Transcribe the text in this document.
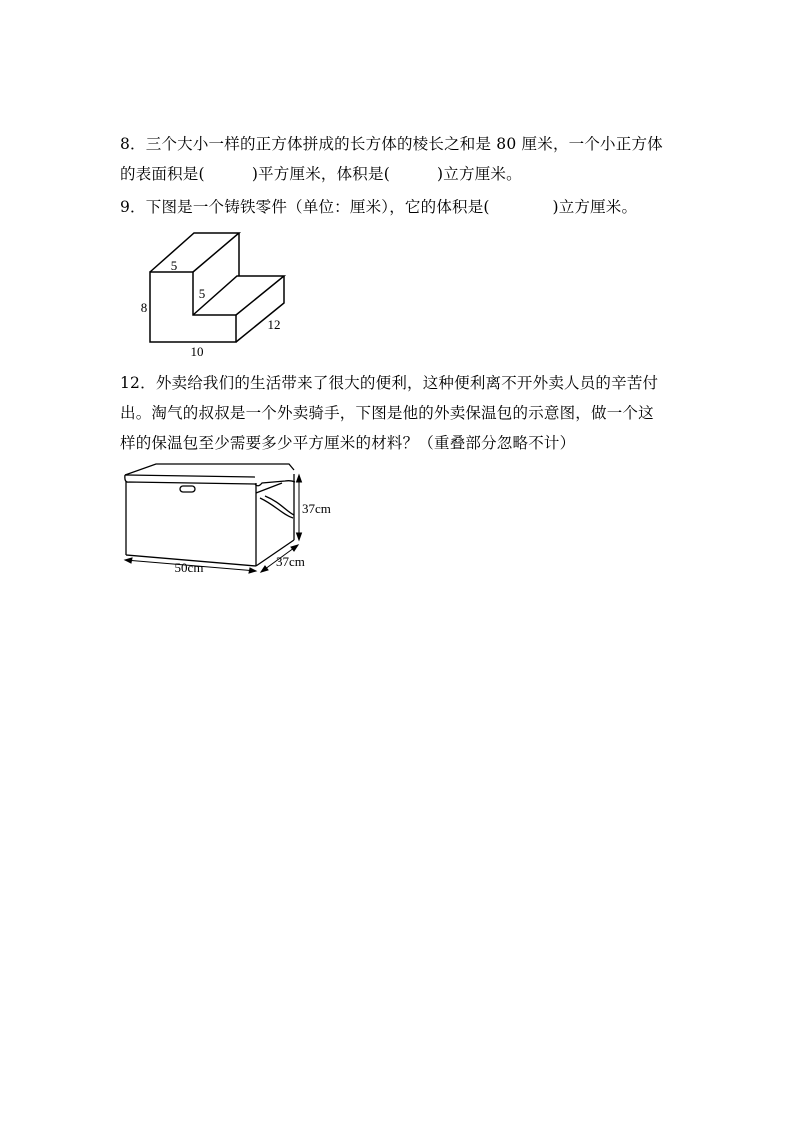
8．三个大小一样的正方体拼成的长方体的棱长之和是 80 厘米，一个小正方体
的表面积是(　　　)平方厘米，体积是(　　　)立方厘米。
9．下图是一个铸铁零件（单位：厘米），它的体积是(　　　　)立方厘米。
5
5
8
12
10
12．外卖给我们的生活带来了很大的便利，这种便利离不开外卖人员的辛苦付
出。淘气的叔叔是一个外卖骑手，下图是他的外卖保温包的示意图，做一个这
样的保温包至少需要多少平方厘米的材料？（重叠部分忽略不计）
50cm
37cm
37cm
